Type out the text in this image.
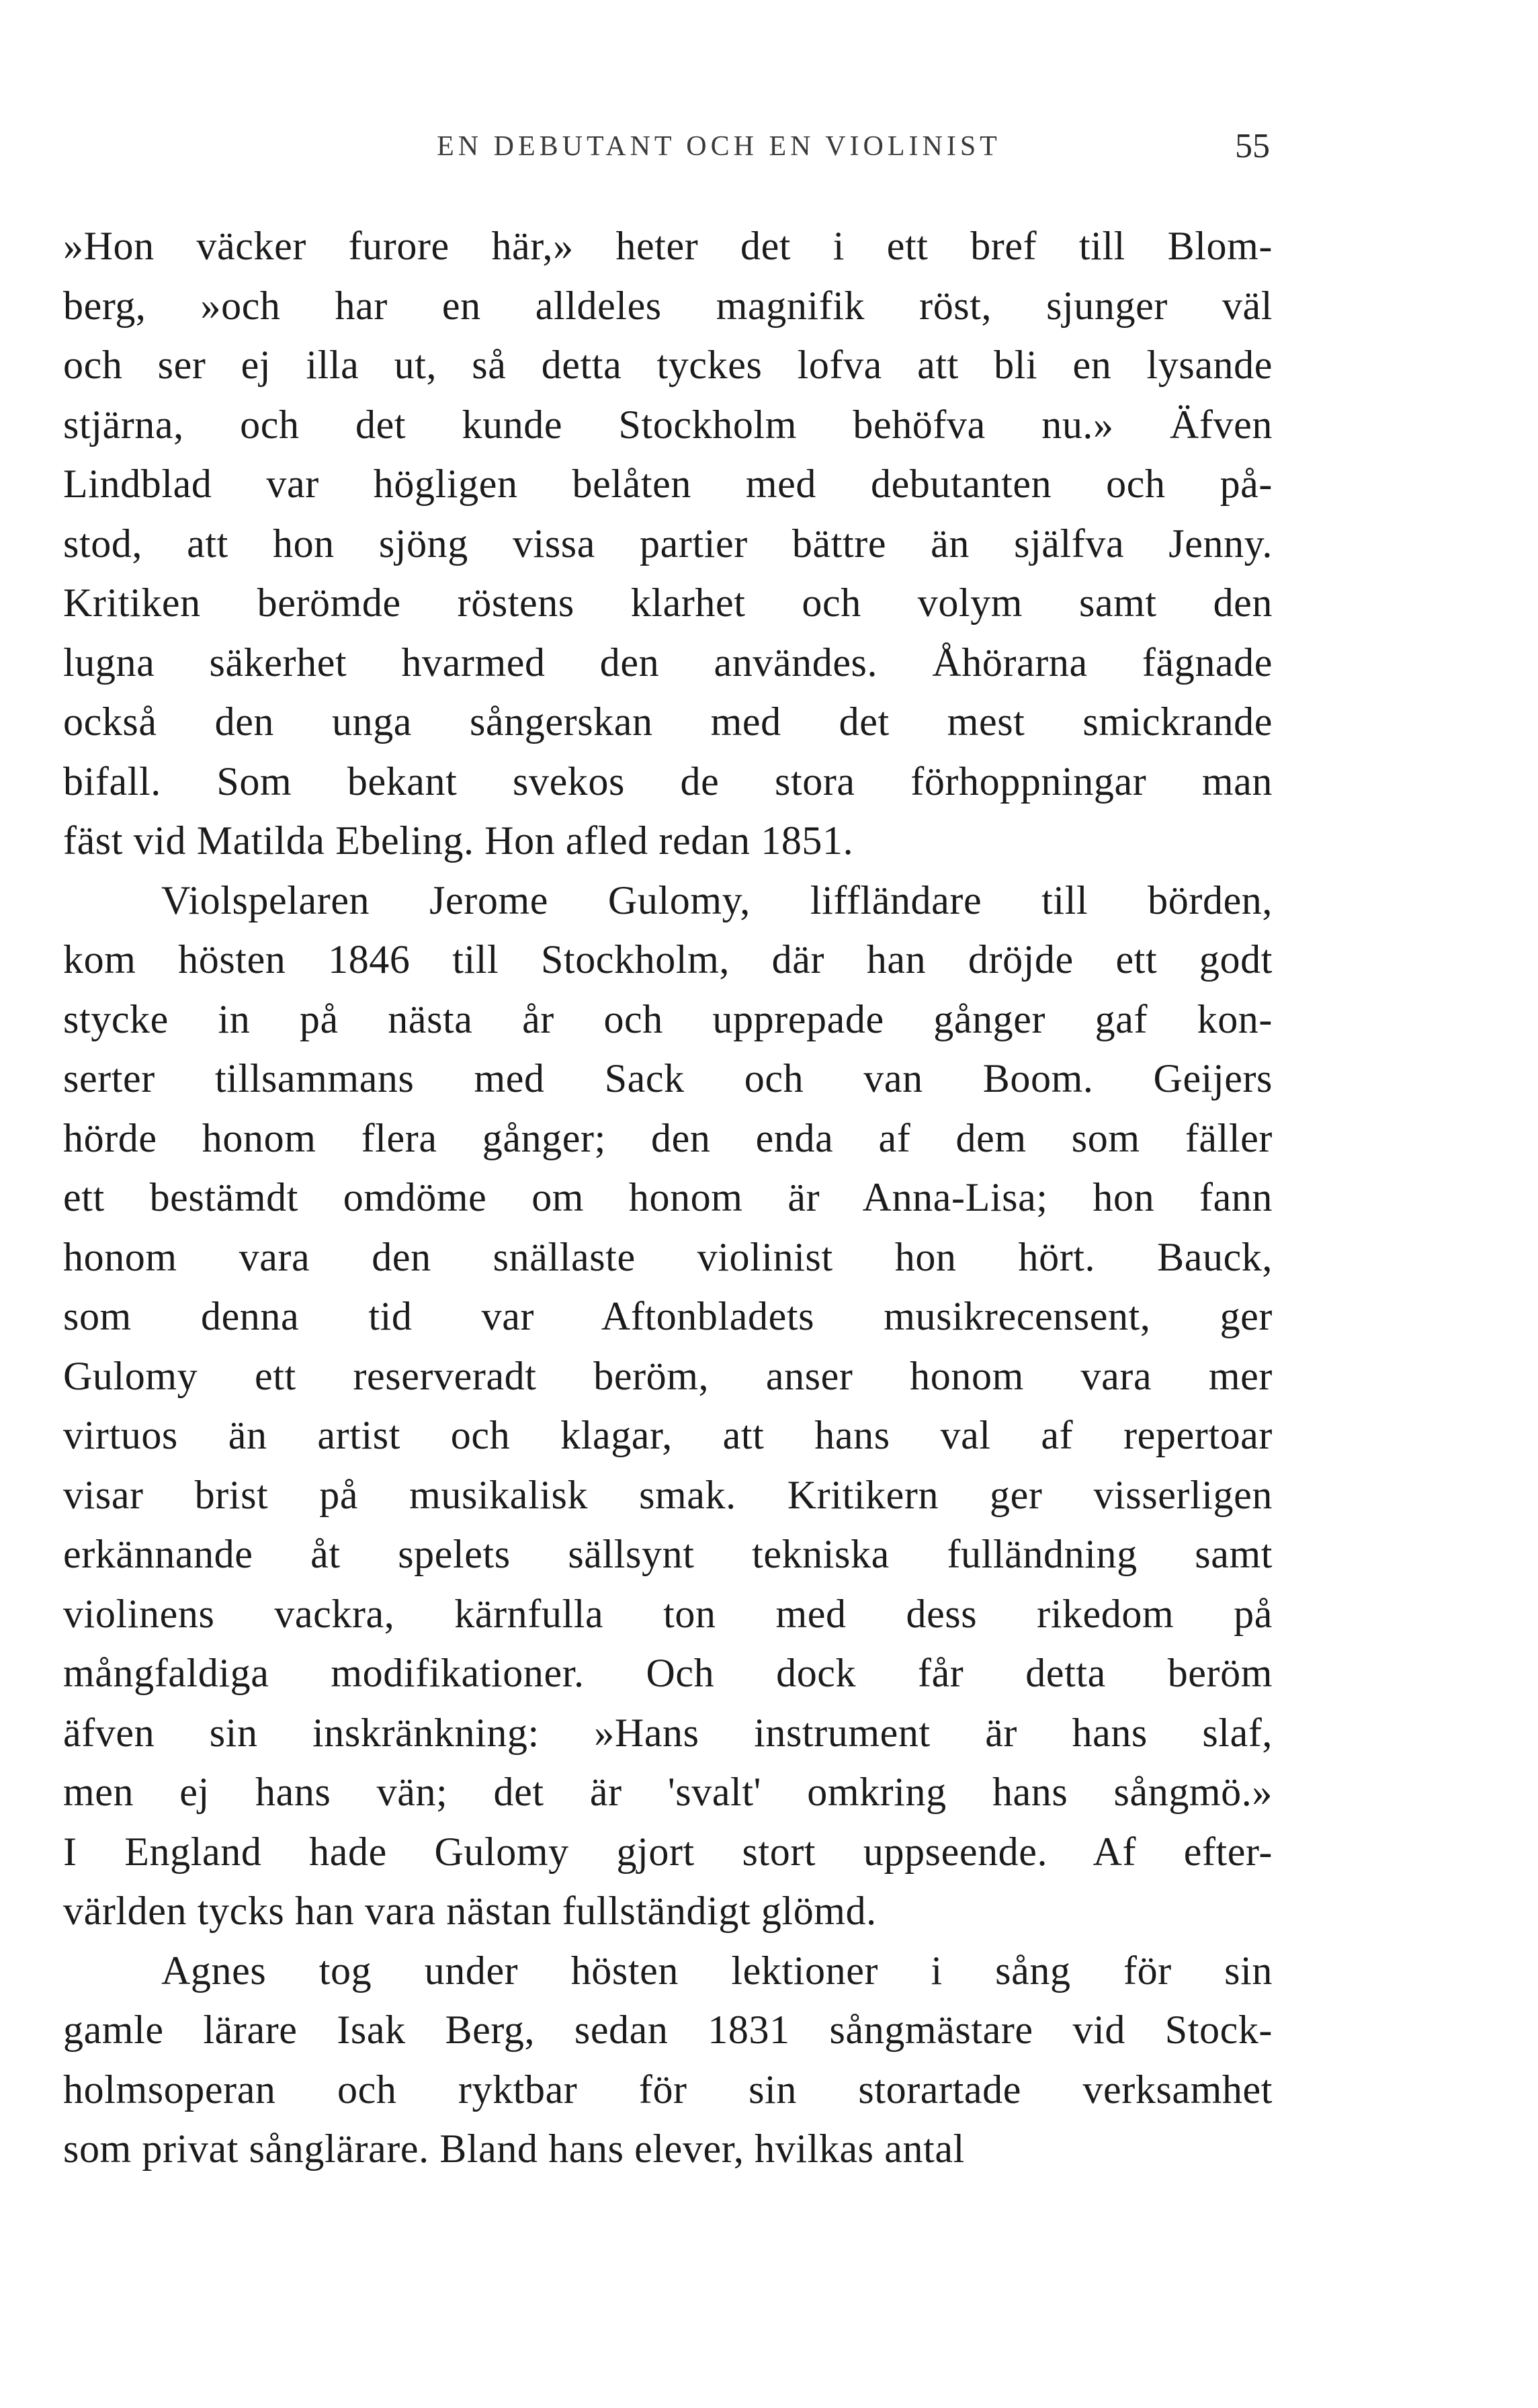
EN DEBUTANT OCH EN VIOLINIST	55
»Hon väcker furore här,» heter det i ett bref till Blom-
berg, »och har en alldeles magnifik röst, sjunger väl
och ser ej illa ut, så detta tyckes lofva att bli en lysande
stjärna, och det kunde Stockholm behöfva nu.» Äfven
Lindblad var högligen belåten med debutanten och på-
stod, att hon sjöng vissa partier bättre än själfva Jenny.
Kritiken berömde röstens klarhet och volym samt den
lugna säkerhet hvarmed den användes. Åhörarna fägnade
också den unga sångerskan med det mest smickrande
bifall. Som bekant svekos de stora förhoppningar man
fäst vid Matilda Ebeling. Hon afled redan 1851.
Violspelaren Jerome Gulomy, liffländare till börden,
kom hösten 1846 till Stockholm, där han dröjde ett godt
stycke in på nästa år och upprepade gånger gaf kon-
serter tillsammans med Sack och van Boom. Geijers
hörde honom flera gånger; den enda af dem som fäller
ett bestämdt omdöme om honom är Anna-Lisa; hon fann
honom vara den snällaste violinist hon hört. Bauck,
som denna tid var Aftonbladets musikrecensent, ger
Gulomy ett reserveradt beröm, anser honom vara mer
virtuos än artist och klagar, att hans val af repertoar
visar brist på musikalisk smak. Kritikern ger visserligen
erkännande åt spelets sällsynt tekniska fulländning samt
violinens vackra, kärnfulla ton med dess rikedom på
mångfaldiga modifikationer. Och dock får detta beröm
äfven sin inskränkning: »Hans instrument är hans slaf,
men ej hans vän; det är 'svalt' omkring hans sångmö.»
I England hade Gulomy gjort stort uppseende. Af efter-
världen tycks han vara nästan fullständigt glömd.
Agnes tog under hösten lektioner i sång för sin
gamle lärare Isak Berg, sedan 1831 sångmästare vid Stock-
holmsoperan och ryktbar för sin storartade verksamhet
som privat sånglärare. Bland hans elever, hvilkas antal
